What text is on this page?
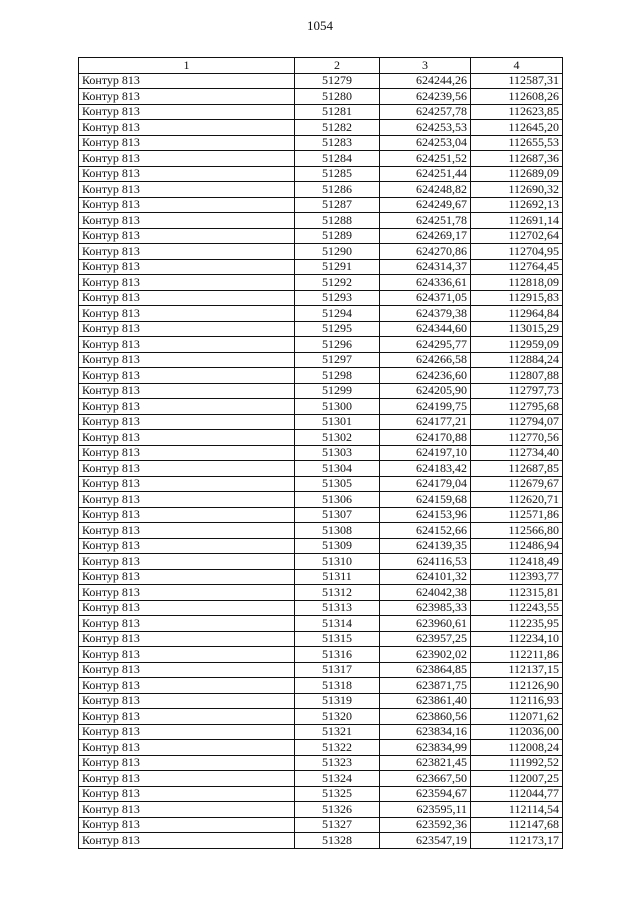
1054
1	2	3	4
Контур 813	51279	624244,26	112587,31
Контур 813	51280	624239,56	112608,26
Контур 813	51281	624257,78	112623,85
Контур 813	51282	624253,53	112645,20
Контур 813	51283	624253,04	112655,53
Контур 813	51284	624251,52	112687,36
Контур 813	51285	624251,44	112689,09
Контур 813	51286	624248,82	112690,32
Контур 813	51287	624249,67	112692,13
Контур 813	51288	624251,78	112691,14
Контур 813	51289	624269,17	112702,64
Контур 813	51290	624270,86	112704,95
Контур 813	51291	624314,37	112764,45
Контур 813	51292	624336,61	112818,09
Контур 813	51293	624371,05	112915,83
Контур 813	51294	624379,38	112964,84
Контур 813	51295	624344,60	113015,29
Контур 813	51296	624295,77	112959,09
Контур 813	51297	624266,58	112884,24
Контур 813	51298	624236,60	112807,88
Контур 813	51299	624205,90	112797,73
Контур 813	51300	624199,75	112795,68
Контур 813	51301	624177,21	112794,07
Контур 813	51302	624170,88	112770,56
Контур 813	51303	624197,10	112734,40
Контур 813	51304	624183,42	112687,85
Контур 813	51305	624179,04	112679,67
Контур 813	51306	624159,68	112620,71
Контур 813	51307	624153,96	112571,86
Контур 813	51308	624152,66	112566,80
Контур 813	51309	624139,35	112486,94
Контур 813	51310	624116,53	112418,49
Контур 813	51311	624101,32	112393,77
Контур 813	51312	624042,38	112315,81
Контур 813	51313	623985,33	112243,55
Контур 813	51314	623960,61	112235,95
Контур 813	51315	623957,25	112234,10
Контур 813	51316	623902,02	112211,86
Контур 813	51317	623864,85	112137,15
Контур 813	51318	623871,75	112126,90
Контур 813	51319	623861,40	112116,93
Контур 813	51320	623860,56	112071,62
Контур 813	51321	623834,16	112036,00
Контур 813	51322	623834,99	112008,24
Контур 813	51323	623821,45	111992,52
Контур 813	51324	623667,50	112007,25
Контур 813	51325	623594,67	112044,77
Контур 813	51326	623595,11	112114,54
Контур 813	51327	623592,36	112147,68
Контур 813	51328	623547,19	112173,17
